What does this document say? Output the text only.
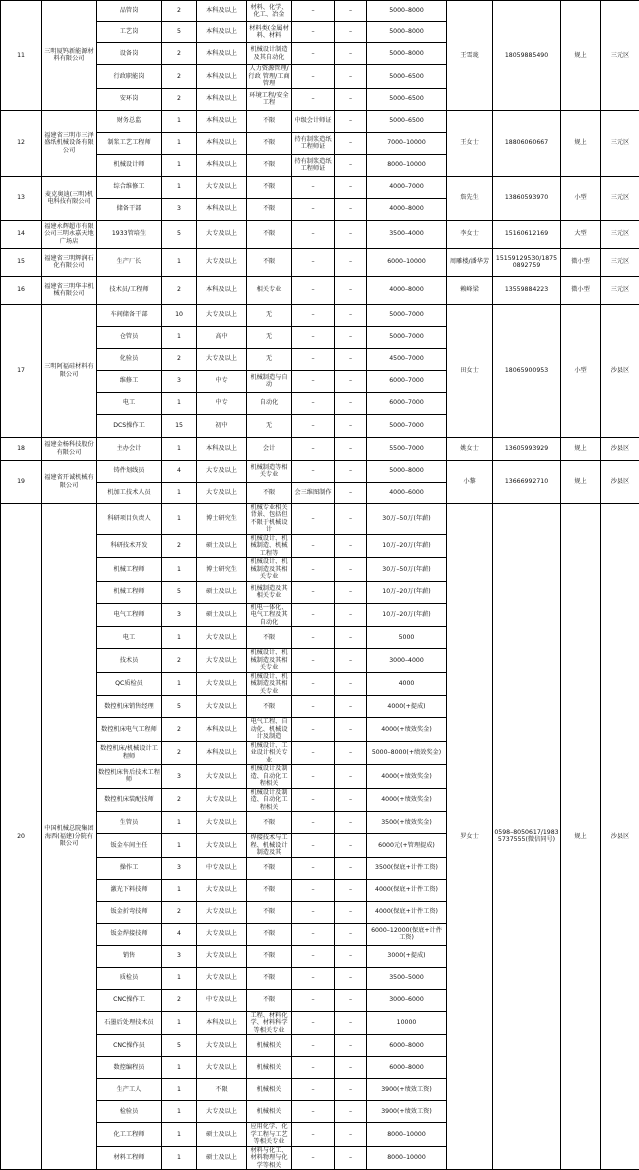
11	三明厦钨新能源材料有限公司	品管岗	2	本科及以上	材料、化学、化工、冶金	–	–	5000–8000	王雪珑	18059885490	规上	三元区
		工艺岗	5	本科及以上	材料类(金属材料、材料	–	–	5000–8000				
		设备岗	2	本科及以上	机械设计制造及其自动化	–	–	5000–8000				
		行政职能岗	2	本科及以上	人力资源管理/行政 管理/工商管理	–	–	5000–6500				
		安环岗	2	本科及以上	环境工程/安全工程	–	–	5000–6500				
12	福建省三明市三泽盛纸机械设备有限公司	财务总监	1	本科及以上	不限	中级会计师证	–	5000–6500	王女士	18806060667	规上	三元区
		制浆工艺工程师	1	本科及以上	不限	持有制浆造纸工程师证	–	7000–10000				
		机械设计师	1	本科及以上	不限	持有制浆造纸工程师证	–	8000–10000				
13	麦克奥迪(三明)机电科技有限公司	综合维修工	1	大专及以上	不限	–	–	4000–7000	詹先生	13860593970	小型	三元区
		储备干部	3	本科及以上	不限	–	–	4000–8000				
14	福建永辉超市有限公司三明永嘉天地广场店	1933管培生	5	大专及以上	不限	–	–	3500–4000	李女士	15160612169	大型	三元区
15	福建省三明辉润石化有限公司	生产厂长	1	大专及以上	不限	–	–	6000–10000	周雕楼/潘华芳	15159129530/18750892759	微小型	三元区
16	福建省三明华丰机械有限公司	技术员/工程师	2	本科及以上	相关专业	–	–	4000–8000	赖峰梁	13559884223	微小型	三元区
17	三明阿福硅材料有限公司	车间储备干部	10	大专及以上	无	–	–	5000–7000	田女士	18065900953	小型	沙县区
		仓管员	1	高中	无	–	–	5000–7000				
		化验员	2	大专及以上	无	–	–	4500–7000				
		维修工	3	中专	机械制造与自动	–	–	6000–7000				
		电工	1	中专	自动化	–	–	6000–7000				
		DCS操作工	15	初中	无	–	–	5000–7000				
18	福建金杨科技股份有限公司	主办会计	1	本科及以上	会计	–	–	5500–7000	姚女士	13605993929	规上	沙县区
19	福建省开诚机械有限公司	铸件划线员	4	大专及以上	机械制造等相关专业	–	–	5000–8000	小黎	13666992710	规上	沙县区
		机加工技术人员	1	大专及以上	不限	会三维图制作	–	4000–6000				
20	中国机械总院集团海西(福建)分院有限公司	科研项目负责人	1	博士研究生	机械专业相关背景、包括但不限于机械设计	–	–	30万–50万(年薪)	罗女士	0598–8050617/19835737555(微信同号)	规上	沙县区
		科研技术开发	2	硕士及以上	机械设计、机械制造、机械工程等	–	–	10万–20万(年薪)				
		机械工程师	1	博士研究生	机械设计、机械制造及其相关专业	–	–	30万–50万(年薪)				
		机械工程师	5	硕士及以上	机械制造及其相关专业	–	–	10万–20万(年薪)				
		电气工程师	3	硕士及以上	机电一体化、电气工程及其自动化	–	–	10万–20万(年薪)				
		电工	1	大专及以上	不限	–	–	5000				
		技术员	2	大专及以上	机械设计、机械制造及其相关专业	–	–	3000–4000				
		QC质检员	1	大专及以上	机械设计、机械制造及其相关专业	–	–	4000				
		数控机床销售经理	5	大专及以上	不限	–	–	4000(+提成)				
		数控机床电气工程师	2	本科及以上	电气工程、自动化、机械设计及制造	–	–	4000(+绩效奖金)				
		数控机床/机械设计工程师	2	本科及以上	机械设计、工业设计相关专业	–	–	5000–8000(+绩效奖金)				
		数控机床售后技术工程师	3	大专及以上	机械设计及制造、自动化工程相关	–	–	4000(+绩效奖金)				
		数控机床装配技师	2	大专及以上	机械设计及制造、自动化工程相关	–	–	4000(+绩效奖金)				
		生管员	1	大专及以上	不限	–	–	3500(+绩效奖金)				
		钣金车间主任	1	大专及以上	焊接技术与工程、机械设计制造及其	–	–	6000元(+管理提成)				
		操作工	3	中专及以上	不限	–	–	3500(保底+计件工资)				
		激光下料技师	1	大专及以上	不限	–	–	4000(保底+计件工资)				
		钣金折弯技师	2	大专及以上	不限	–	–	4000(保底+计件工资)				
		钣金焊接技师	4	大专及以上	不限	–	–	6000–12000(保底+计件工资)				
		销售	3	大专及以上	不限	–	–	3000(+提成)				
		质检员	1	大专及以上	不限	–	–	3500–5000				
		CNC操作工	2	中专及以上	不限	–	–	3000–6000				
		石墨后处理技术员	1	本科及以上	工程、材料化学、材料科学等相关专业	–	–	10000				
		CNC操作员	5	大专及以上	机械相关	–	–	6000–8000				
		数控编程员	1	大专及以上	机械相关	–	–	6000–8000				
		生产工人	1	不限	机械相关	–	–	3900(+绩效工资)				
		检验员	1	大专及以上	机械相关	–	–	3900(+绩效工资)				
		化工工程师	1	硕士及以上	应用化学、化学工程与工艺等相关专业	–	–	8000–10000				
		材料工程师	1	硕士及以上	材料与化工、材料物理与化学等相关	–	–	8000–10000				
